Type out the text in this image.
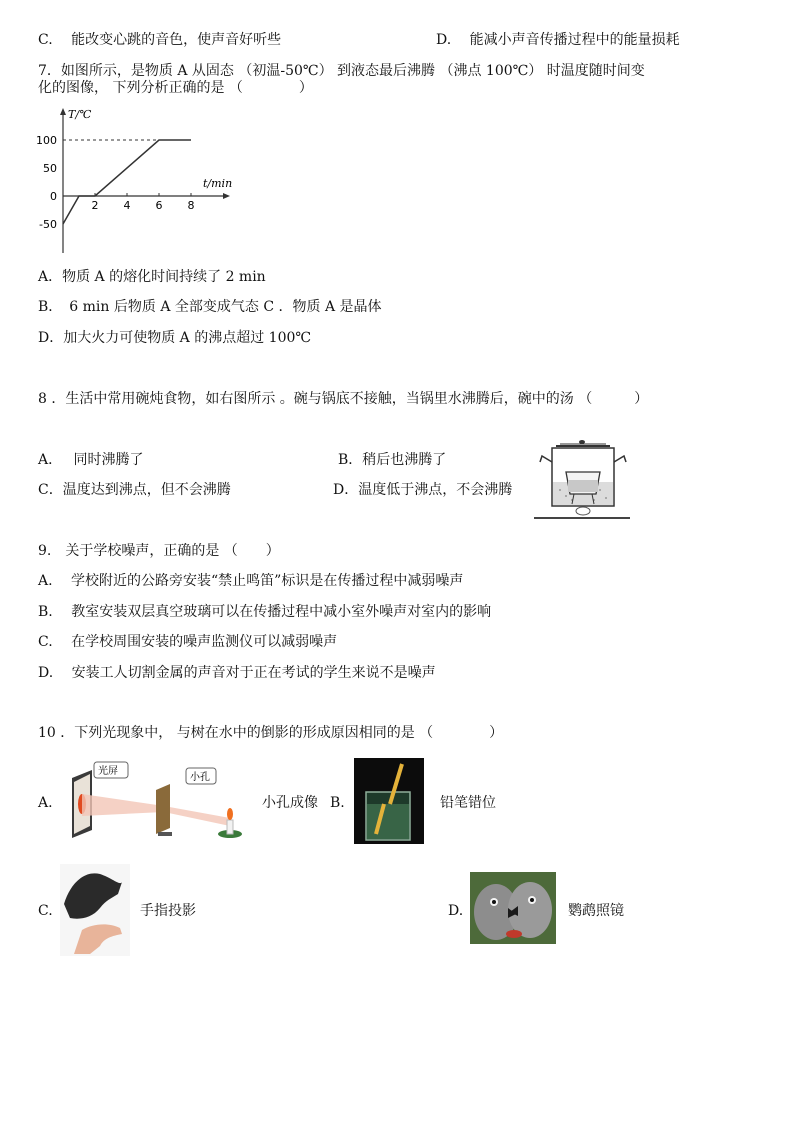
C.　 能改变心跳的音色，使声音好听些	D.　 能减小声音传播过程中的能量损耗
7．如图所示，是物质 A 从固态 （初温-50℃） 到液态最后沸腾 （沸点 100℃） 时温度随时间变
化的图像， 下列分析正确的是 （　　　　）
T/℃
t/min
100
50
0
-50
2 4 6 8
A．物质 A 的熔化时间持续了 2 min
B．　6 min 后物质 A 全部变成气态 C ．物质 A 是晶体
D．加大火力可使物质 A 的沸点超过 100℃
8 ．生活中常用碗炖食物，如右图所示 。碗与锅底不接触，当锅里水沸腾后，碗中的汤 （　　　）
A．　 同时沸腾了	B．稍后也沸腾了
C．温度达到沸点，但不会沸腾	D．温度低于沸点，不会沸腾
9.　关于学校噪声，正确的是 （　　）
A.　 学校附近的公路旁安装“禁止鸣笛”标识是在传播过程中减弱噪声
B.　 教室安装双层真空玻璃可以在传播过程中减小室外噪声对室内的影响
C.　 在学校周围安装的噪声监测仪可以减弱噪声
D.　 安装工人切割金属的声音对于正在考试的学生来说不是噪声
10 ．下列光现象中， 与树在水中的倒影的形成原因相同的是 （　　　　）
A.
光屏
小孔
小孔成像 B.	铅笔错位
C.	手指投影	D.	鹦鹉照镜
